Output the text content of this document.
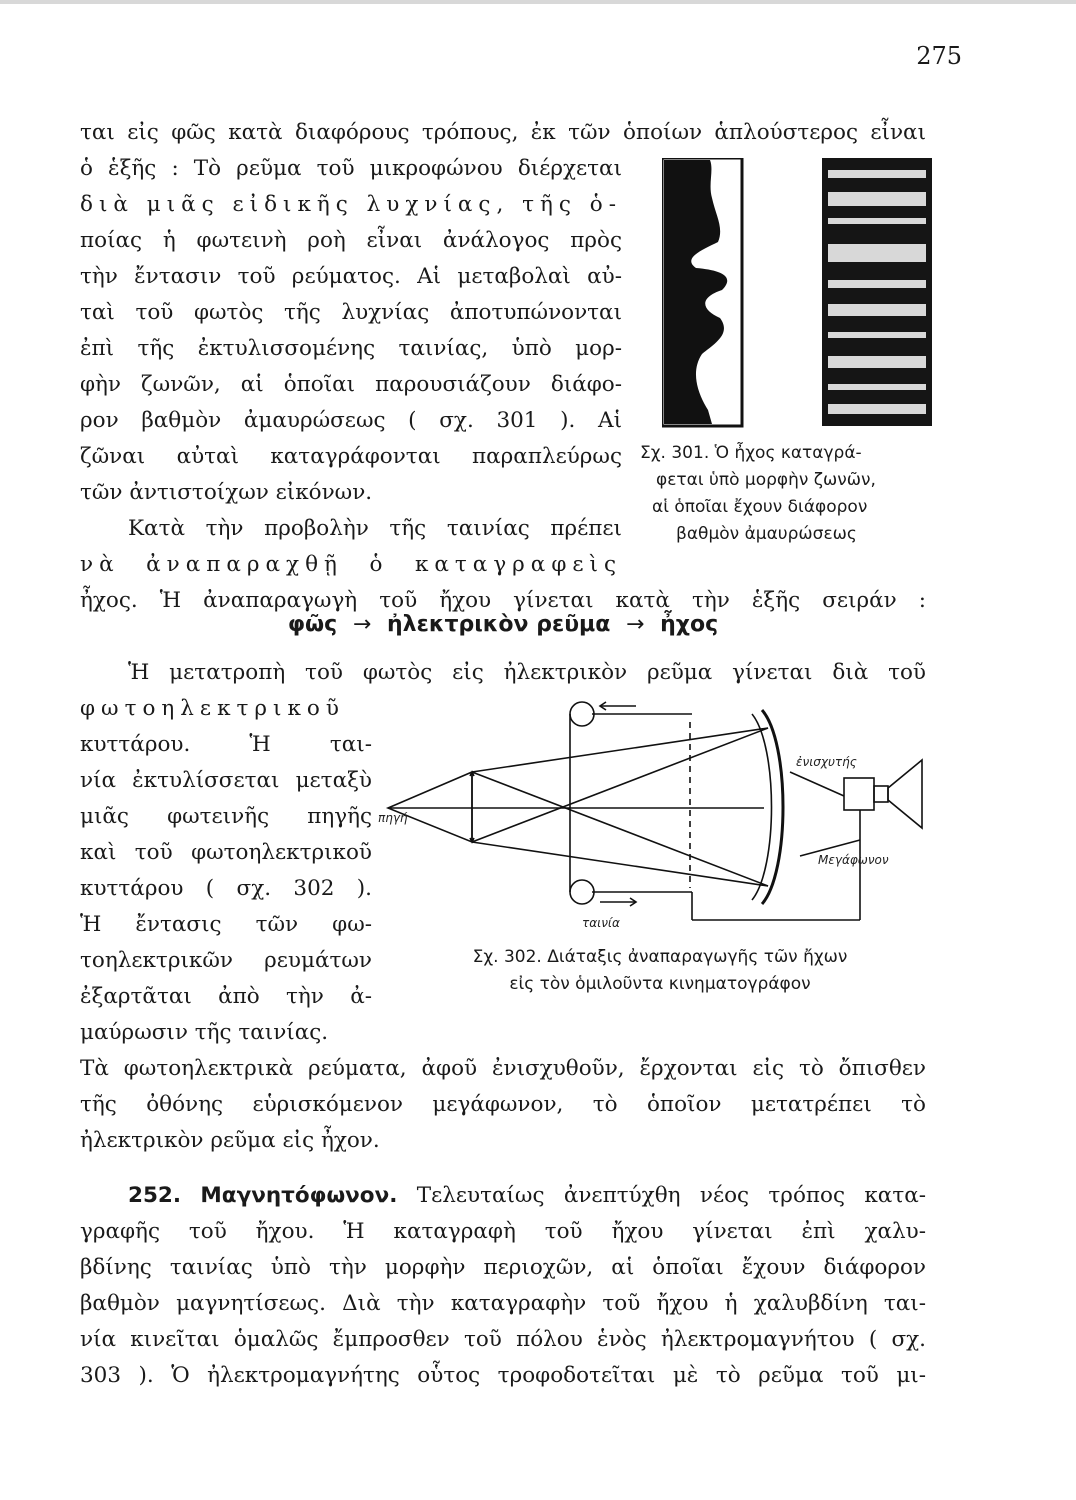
275
ται εἰς φῶς κατὰ διαφόρους τρόπους, ἐκ τῶν ὁποίων ἁπλούστερος εἶναι
ὁ ἑξῆς : Τὸ ρεῦμα τοῦ μικροφώνου διέρχεται
διὰ μιᾶς εἰδικῆς λυχνίας, τῆς ὁ-
ποίας ἡ φωτεινὴ ροὴ εἶναι ἀνάλογος πρὸς
τὴν ἔντασιν τοῦ ρεύματος. Αἱ μεταβολαὶ αὐ-
ταὶ τοῦ φωτὸς τῆς λυχνίας ἀποτυπώνονται
ἐπὶ τῆς ἐκτυλισσομένης ταινίας, ὑπὸ μορ-
φὴν ζωνῶν, αἱ ὁποῖαι παρουσιάζουν διάφο-
ρον βαθμὸν ἀμαυρώσεως ( σχ. 301 ). Αἱ
ζῶναι αὐταὶ καταγράφονται παραπλεύρως
τῶν ἀντιστοίχων εἰκόνων.
Κατὰ τὴν προβολὴν τῆς ταινίας πρέπει
νὰ ἀναπαραχθῇ ὁ καταγραφεὶς
ἦχος. Ἡ ἀναπαραγωγὴ τοῦ ἤχου γίνεται κατὰ τὴν ἑξῆς σειράν :
φῶς → ἠλεκτρικὸν ρεῦμα → ἦχος
Ἡ μετατροπὴ τοῦ φωτὸς εἰς ἠλεκτρικὸν ρεῦμα γίνεται διὰ τοῦ
φωτοηλεκτρικοῦ
κυττάρου. Ἡ ται-
νία ἐκτυλίσσεται μεταξὺ
μιᾶς φωτεινῆς πηγῆς
καὶ τοῦ φωτοηλεκτρικοῦ
κυττάρου ( σχ. 302 ).
Ἡ ἔντασις τῶν φω-
τοηλεκτρικῶν ρευμάτων
ἐξαρτᾶται ἀπὸ τὴν ἀ-
μαύρωσιν τῆς ταινίας.
Τὰ φωτοηλεκτρικὰ ρεύματα, ἀφοῦ ἐνισχυθοῦν, ἔρχονται εἰς τὸ ὄπισθεν
τῆς ὀθόνης εὑρισκόμενον μεγάφωνον, τὸ ὁποῖον μετατρέπει τὸ
ἠλεκτρικὸν ρεῦμα εἰς ἦχον.
252. Μαγνητόφωνον. Τελευταίως ἀνεπτύχθη νέος τρόπος κατα-
γραφῆς τοῦ ἤχου. Ἡ καταγραφὴ τοῦ ἤχου γίνεται ἐπὶ χαλυ-
βδίνης ταινίας ὑπὸ τὴν μορφὴν περιοχῶν, αἱ ὁποῖαι ἔχουν διάφορον
βαθμὸν μαγνητίσεως. Διὰ τὴν καταγραφὴν τοῦ ἤχου ἡ χαλυβδίνη ται-
νία κινεῖται ὁμαλῶς ἔμπροσθεν τοῦ πόλου ἑνὸς ἠλεκτρομαγνήτου ( σχ.
303 ). Ὁ ἠλεκτρομαγνήτης οὗτος τροφοδοτεῖται μὲ τὸ ρεῦμα τοῦ μι-
Σχ. 301. Ὁ ἦχος καταγρά-
φεται ὑπὸ μορφὴν ζωνῶν,
αἱ ὁποῖαι ἔχουν διάφορον
βαθμὸν ἀμαυρώσεως
πηγή
ταινία
ἐνισχυτής
Μεγάφωνον
Σχ. 302. Διάταξις ἀναπαραγωγῆς τῶν ἤχων
εἰς τὸν ὁμιλοῦντα κινηματογράφον
